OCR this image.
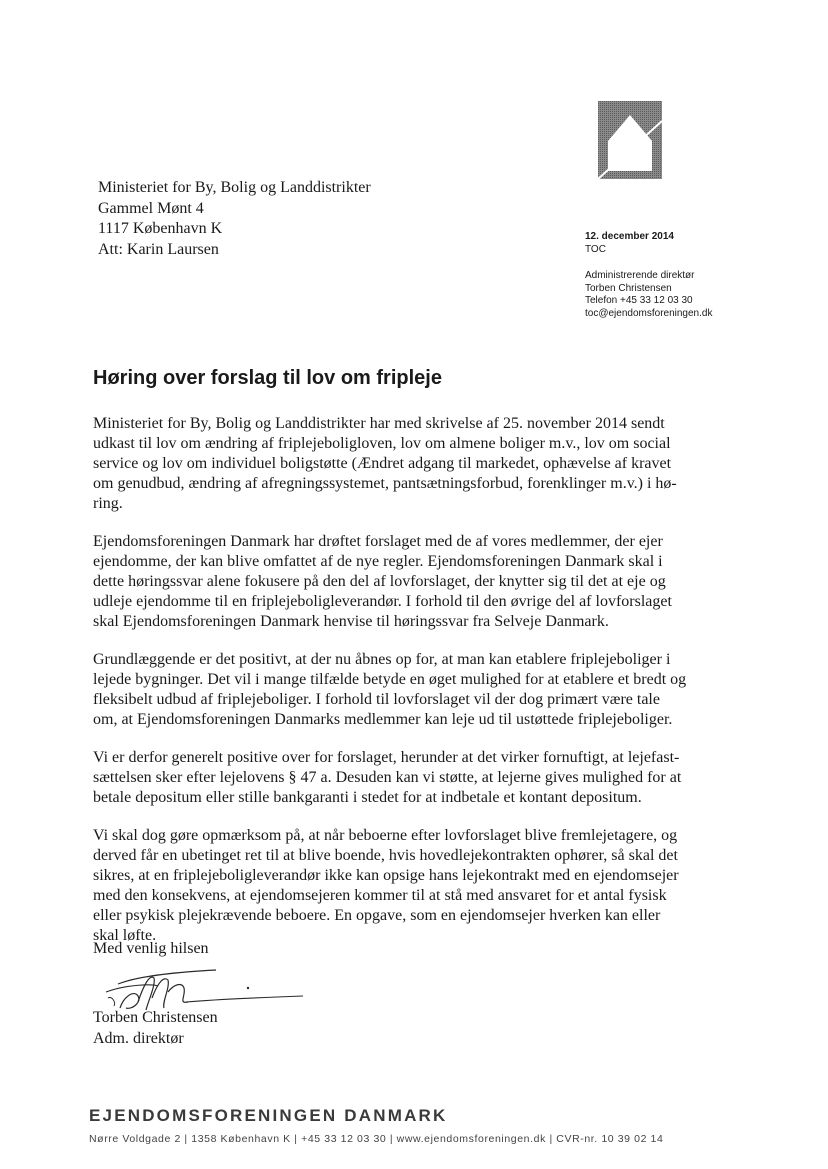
Ministeriet for By, Bolig og Landdistrikter
Gammel Mønt 4
1117 København K
Att: Karin Laursen
12. december 2014
TOC
Administrerende direktør
Torben Christensen
Telefon +45 33 12 03 30
toc@ejendomsforeningen.dk
Høring over forslag til lov om fripleje

Ministeriet for By, Bolig og Landdistrikter har med skrivelse af 25. november 2014 sendt
udkast til lov om ændring af friplejeboligloven, lov om almene boliger m.v., lov om social
service og lov om individuel boligstøtte (Ændret adgang til markedet, ophævelse af kravet
om genudbud, ændring af afregningssystemet, pantsætningsforbud, forenklinger m.v.) i hø-
ring.

Ejendomsforeningen Danmark har drøftet forslaget med de af vores medlemmer, der ejer
ejendomme, der kan blive omfattet af de nye regler. Ejendomsforeningen Danmark skal i
dette høringssvar alene fokusere på den del af lovforslaget, der knytter sig til det at eje og
udleje ejendomme til en friplejeboligleverandør. I forhold til den øvrige del af lovforslaget
skal Ejendomsforeningen Danmark henvise til høringssvar fra Selveje Danmark.

Grundlæggende er det positivt, at der nu åbnes op for, at man kan etablere friplejeboliger i
lejede bygninger. Det vil i mange tilfælde betyde en øget mulighed for at etablere et bredt og
fleksibelt udbud af friplejeboliger. I forhold til lovforslaget vil der dog primært være tale
om, at Ejendomsforeningen Danmarks medlemmer kan leje ud til ustøttede friplejeboliger.

Vi er derfor generelt positive over for forslaget, herunder at det virker fornuftigt, at lejefast-
sættelsen sker efter lejelovens § 47 a. Desuden kan vi støtte, at lejerne gives mulighed for at
betale depositum eller stille bankgaranti i stedet for at indbetale et kontant depositum.

Vi skal dog gøre opmærksom på, at når beboerne efter lovforslaget blive fremlejetagere, og
derved får en ubetinget ret til at blive boende, hvis hovedlejekontrakten ophører, så skal det
sikres, at en friplejeboligleverandør ikke kan opsige hans lejekontrakt med en ejendomsejer
med den konsekvens, at ejendomsejeren kommer til at stå med ansvaret for et antal fysisk
eller psykisk plejekrævende beboere. En opgave, som en ejendomsejer hverken kan eller
skal løfte.

Med venlig hilsen
Torben Christensen
Adm. direktør
EJENDOMSFORENINGEN DANMARK
Nørre Voldgade 2 | 1358 København K | +45 33 12 03 30 | www.ejendomsforeningen.dk | CVR-nr. 10 39 02 14
